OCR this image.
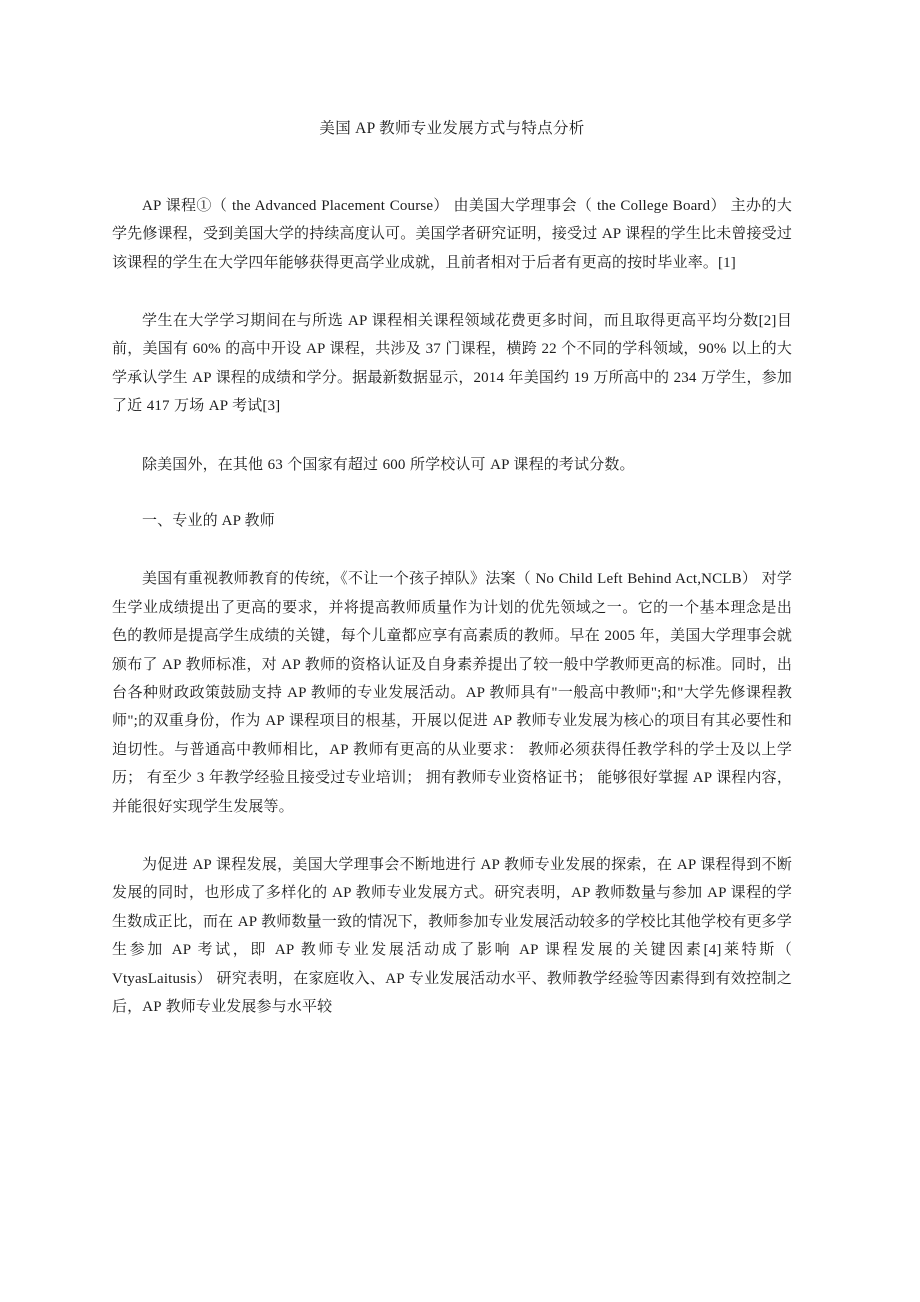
美国 AP 教师专业发展方式与特点分析

AP 课程①（ the Advanced Placement Course） 由美国大学理事会（ the College Board） 主办的大学先修课程，受到美国大学的持续高度认可。美国学者研究证明，接受过 AP 课程的学生比未曾接受过该课程的学生在大学四年能够获得更高学业成就，且前者相对于后者有更高的按时毕业率。[1]

学生在大学学习期间在与所选 AP 课程相关课程领域花费更多时间，而且取得更高平均分数[2]目前，美国有 60% 的高中开设 AP 课程，共涉及 37 门课程，横跨 22 个不同的学科领域，90% 以上的大学承认学生 AP 课程的成绩和学分。据最新数据显示，2014 年美国约 19 万所高中的 234 万学生，参加了近 417 万场 AP 考试[3]

除美国外，在其他 63 个国家有超过 600 所学校认可 AP 课程的考试分数。

一、专业的 AP 教师

美国有重视教师教育的传统，《不让一个孩子掉队》法案（ No Child Left Behind Act,NCLB） 对学生学业成绩提出了更高的要求，并将提高教师质量作为计划的优先领域之一。它的一个基本理念是出色的教师是提高学生成绩的关键，每个儿童都应享有高素质的教师。早在 2005 年，美国大学理事会就颁布了 AP 教师标准，对 AP 教师的资格认证及自身素养提出了较一般中学教师更高的标准。同时，出台各种财政政策鼓励支持 AP 教师的专业发展活动。AP 教师具有"一般高中教师";和"大学先修课程教师";的双重身份，作为 AP 课程项目的根基，开展以促进 AP 教师专业发展为核心的项目有其必要性和迫切性。与普通高中教师相比，AP 教师有更高的从业要求： 教师必须获得任教学科的学士及以上学历； 有至少 3 年教学经验且接受过专业培训； 拥有教师专业资格证书； 能够很好掌握 AP 课程内容，并能很好实现学生发展等。

为促进 AP 课程发展，美国大学理事会不断地进行 AP 教师专业发展的探索，在 AP 课程得到不断发展的同时，也形成了多样化的 AP 教师专业发展方式。研究表明，AP 教师数量与参加 AP 课程的学生数成正比，而在 AP 教师数量一致的情况下，教师参加专业发展活动较多的学校比其他学校有更多学生参加 AP 考试，即 AP 教师专业发展活动成了影响 AP 课程发展的关键因素[4]莱特斯（ VtyasLaitusis） 研究表明，在家庭收入、AP 专业发展活动水平、教师教学经验等因素得到有效控制之后，AP 教师专业发展参与水平较
